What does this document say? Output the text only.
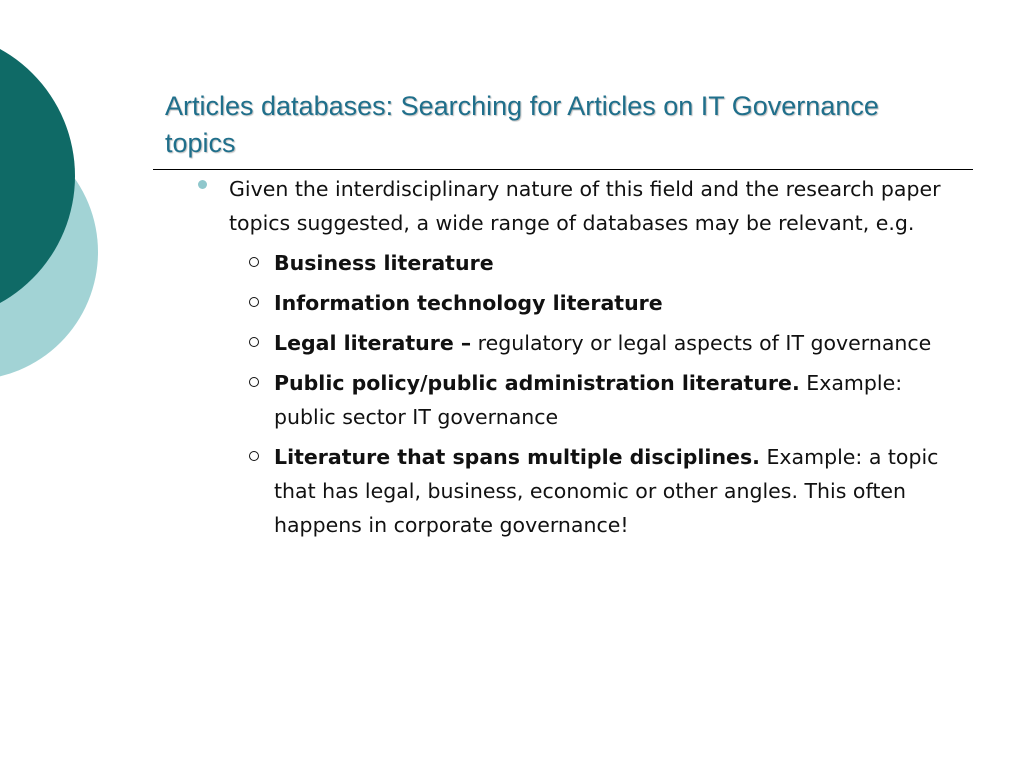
Articles databases: Searching for Articles on IT Governance topics
Given the interdisciplinary nature of this field and the research paper topics suggested, a wide range of databases may be relevant, e.g.
Business literature
Information technology literature
Legal literature – regulatory or legal aspects of IT governance
Public policy/public administration literature. Example: public sector IT governance
Literature that spans multiple disciplines. Example: a topic that has legal, business, economic or other angles. This often happens in corporate governance!
